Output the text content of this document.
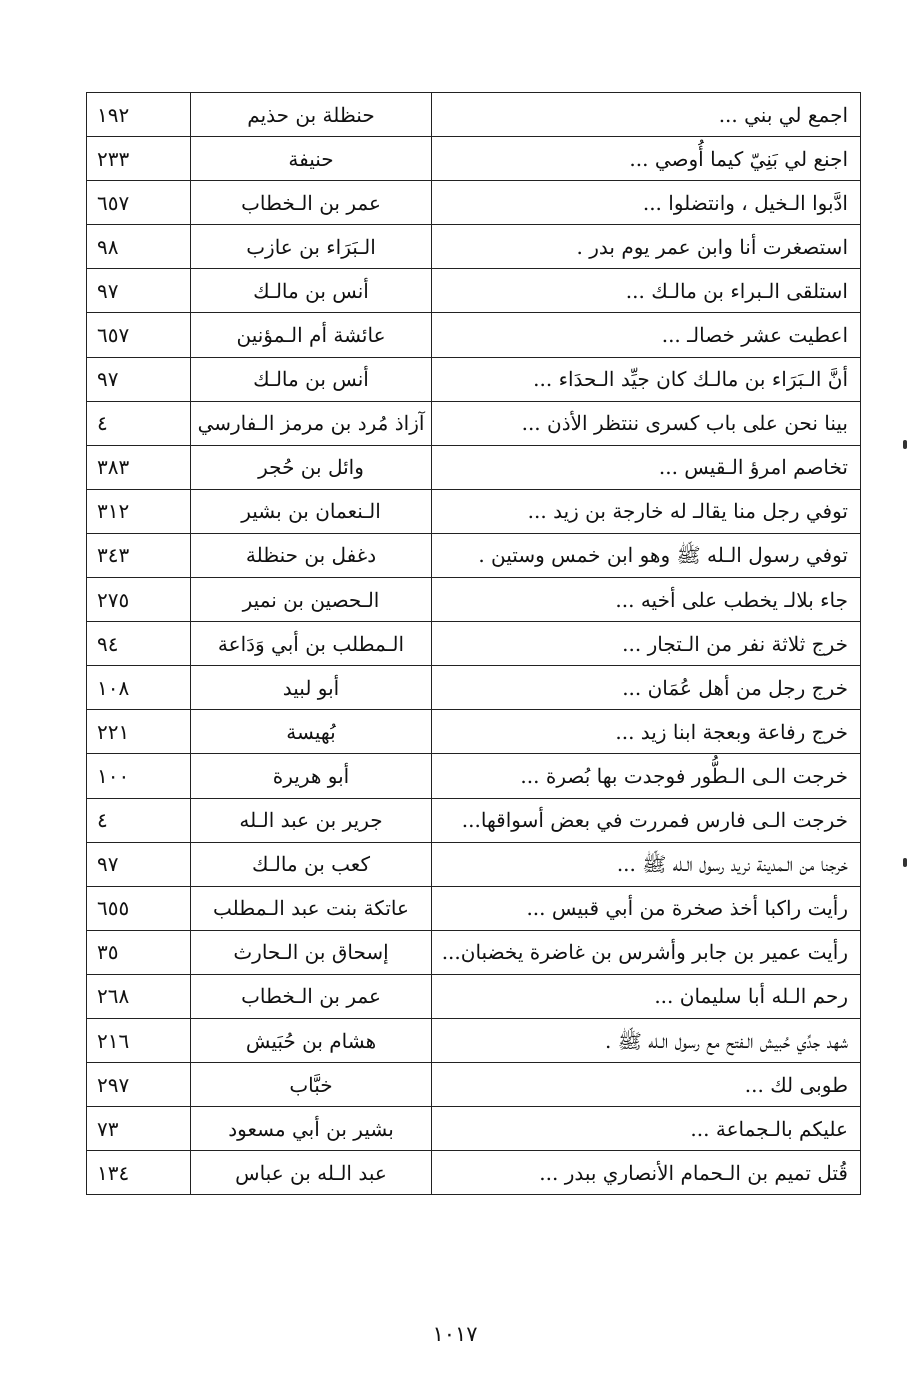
اجمع لي بني ...	حنظلة بن حذيم	١٩٢
اجنع لي بَنِيّ كيما أُوصي ...	حنيفة	٢٣٣
ادَّبوا الـخيل ، وانتضلوا ...	عمر بن الـخطاب	٦٥٧
استصغرت أنا وابن عمر يوم بدر .	الـبَرَاء بن عازب	٩٨
استلقى الـبراء بن مالـك ...	أنس بن مالـك	٩٧
اعطيت عشر خصالـ ...	عائشة أم الـمؤنين	٦٥٧
أنَّ الـبَرَاء بن مالـك كان جيِّد الـحدَاء ...	أنس بن مالـك	٩٧
بينا نحن على باب كسرى ننتظر الأذن ...	آزاذ مُرد بن مرمز الـفارسي	٤
تخاصم امرؤ الـقيس ...	وائل بن حُجر	٣٨٣
توفي رجل منا يقالـ له خارجة بن زيد ...	الـنعمان بن بشير	٣١٢
توفي رسول الـله ﷺ وهو ابن خمس وستين .	دغفل بن حنظلة	٣٤٣
جاء بلالـ يخطب على أخيه ...	الـحصين بن نمير	٢٧٥
خرج ثلاثة نفر من الـتجار ...	الـمطلب بن أبي وَدَاعة	٩٤
خرج رجل من أهل عُمَان ...	أبو لبيد	١٠٨
خرج رفاعة وبعجة ابنا زيد ...	بُهيسة	٢٢١
خرجت الـى الـطُّور فوجدت بها بُصرة ...	أبو هريرة	١٠٠
خرجت الـى فارس فمررت في بعض أسواقها...	جرير بن عبد الـله	٤
خرجنا من الـمدينة نريد رسول الـله ﷺ ...	كعب بن مالـك	٩٧
رأيت راكبا أخذ صخرة من أبي قبيس ...	عاتكة بنت عبد الـمطلب	٦٥٥
رأيت عمير بن جابر وأشرس بن غاضرة يخضبان...	إسحاق بن الـحارث	٣٥
رحم الـله أبا سليمان ...	عمر بن الـخطاب	٢٦٨
شهد جدِّي حُبيش الـفتح مع رسول الـله ﷺ .	هشام بن حُبَيش	٢١٦
طوبى لك ...	خبَّاب	٢٩٧
عليكم بالـجماعة ...	بشير بن أبي مسعود	٧٣
قُتل تميم بن الـحمام الأنصاري ببدر ...	عبد الـله بن عباس	١٣٤
١٠١٧
